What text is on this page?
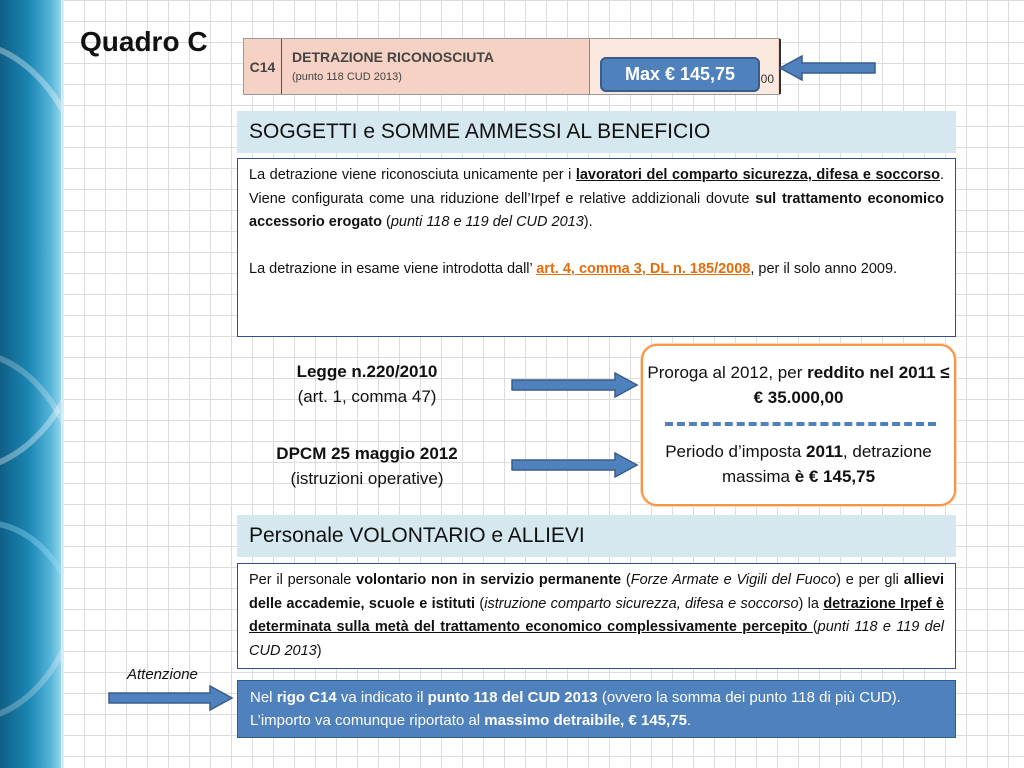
Quadro C
C14
DETRAZIONE RICONOSCIUTA
(punto 118 CUD 2013)	00
Max € 145,75
SOGGETTI e SOMME AMMESSI AL BENEFICIO

La detrazione viene riconosciuta unicamente per i lavoratori del comparto sicurezza, difesa e soccorso. Viene configurata come una riduzione dell’Irpef e relative addizionali dovute sul trattamento economico accessorio erogato (punti 118 e 119 del CUD 2013).

La detrazione in esame viene introdotta dall’ art. 4, comma 3, DL n. 185/2008, per il solo anno 2009.

Legge n.220/2010
(art. 1, comma 47)
DPCM 25 maggio 2012
(istruzioni operative)
Proroga al 2012, per reddito nel 2011 ≤ € 35.000,00
Periodo d’imposta 2011, detrazione massima è € 145,75
Personale VOLONTARIO e ALLIEVI

Per il personale volontario non in servizio permanente (Forze Armate e Vigili del Fuoco) e per gli allievi delle accademie, scuole e istituti (istruzione comparto sicurezza, difesa e soccorso) la detrazione Irpef è determinata sulla metà del trattamento economico complessivamente percepito (punti 118 e 119 del CUD 2013)

Attenzione
Nel rigo C14 va indicato il punto 118 del CUD 2013 (ovvero la somma dei punto 118 di più CUD). L’importo va comunque riportato al massimo detraibile, € 145,75.
